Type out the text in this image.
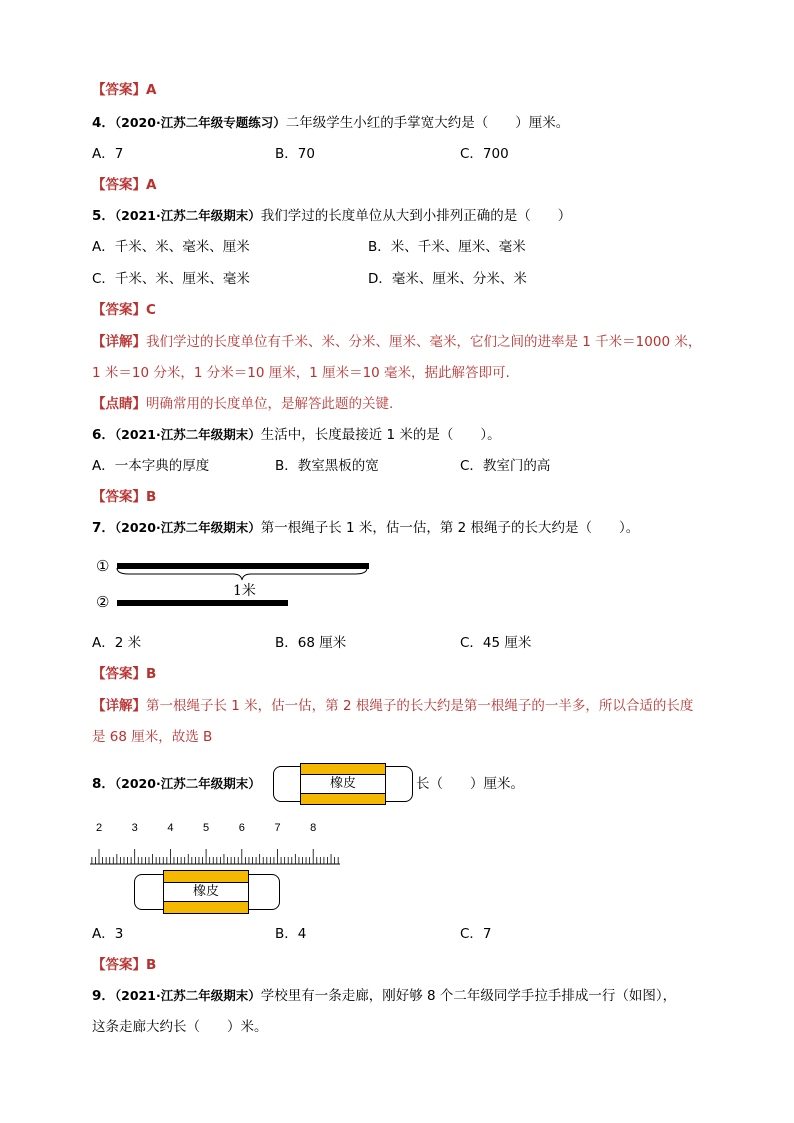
【答案】A
4．（2020·江苏二年级专题练习）二年级学生小红的手掌宽大约是（　　）厘米。
A．7	B．70	C．700
【答案】A
5．（2021·江苏二年级期末）我们学过的长度单位从大到小排列正确的是（　　）
A．千米、米、毫米、厘米	B．米、千米、厘米、毫米
C．千米、米、厘米、毫米	D．毫米、厘米、分米、米
【答案】C
【详解】我们学过的长度单位有千米、米、分米、厘米、毫米，它们之间的进率是 1 千米＝1000 米，
1 米＝10 分米，1 分米＝10 厘米，1 厘米＝10 毫米，据此解答即可.
【点睛】明确常用的长度单位，是解答此题的关键.
6．（2021·江苏二年级期末）生活中，长度最接近 1 米的是（　　）。
A．一本字典的厚度	B．教室黑板的宽	C．教室门的高
【答案】B
7．（2020·江苏二年级期末）第一根绳子长 1 米，估一估，第 2 根绳子的长大约是（　　）。
①
1米
②
A．2 米	B．68 厘米	C．45 厘米
【答案】B
【详解】第一根绳子长 1 米，估一估，第 2 根绳子的长大约是第一根绳子的一半多，所以合适的长度
是 68 厘米，故选 B
8．（2020·江苏二年级期末）	橡皮	长（　　）厘米。
2	3	4	5	6	7	8
橡皮
A．3	B．4	C．7
【答案】B
9．（2021·江苏二年级期末）学校里有一条走廊，刚好够 8 个二年级同学手拉手排成一行（如图），
这条走廊大约长（　　）米。
